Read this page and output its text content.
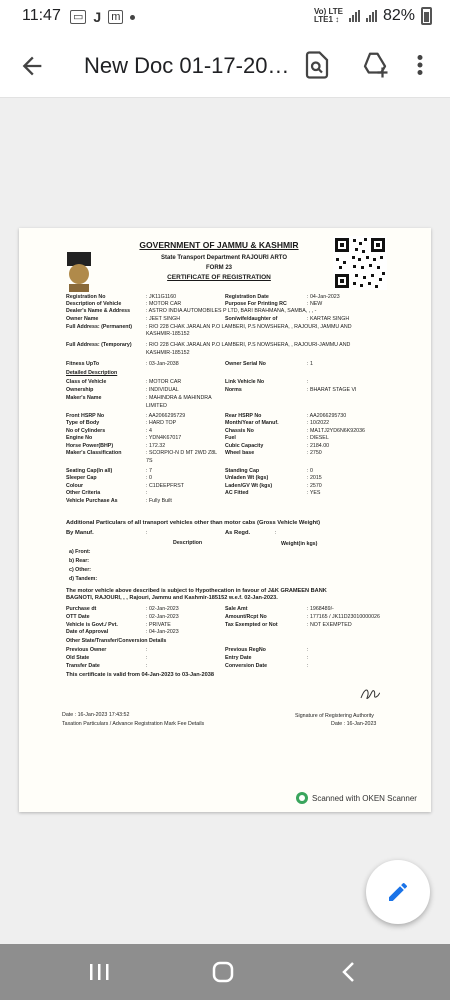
11:47 ▭ J m	Vo) LTE
LTE1 ↕	82%
New Doc 01-17-20…
GOVERNMENT OF JAMMU & KASHMIR
State Transport Department RAJOURI ARTO
FORM 23
CERTIFICATE OF REGISTRATION
Registration No	: JK11G1160	Registration Date	: 04-Jan-2023
Description of Vehicle	: MOTOR CAR	Purpose For Printing RC	: NEW
Dealer's Name & Address	: ASTRO INDIA AUTOMOBILES P LTD, BARI BRAHMANA, SAMBA, , , -
Owner Name	: JEET SINGH	Son/wife/daughter of	: KARTAR SINGH
Full Address: (Permanent)	: R/O 228 CHAK JARALAN P.O LAMBERI, P.S NOWSHERA, , RAJOURI, JAMMU AND
KASHMIR-185152
Full Address: (Temporary)	: R/O 228 CHAK JARALAN P.O LAMBERI, P.S NOWSHERA, , RAJOURI-JAMMU AND
KASHMIR-185152
Fitness UpTo	: 03-Jan-2038	Owner Serial No	: 1
Class of Vehicle	: MOTOR CAR	Link Vehicle No	:
Ownership	: INDIVIDUAL	Norms	: BHARAT STAGE VI
Maker's Name	: MAHINDRA & MAHINDRA
LIMITED
Front HSRP No	: AA2066295729	Rear HSRP No	: AA2066295730
Type of Body	: HARD TOP	Month/Year of Manuf.	: 10/2022
No of Cylinders	: 4	Chassis No	: MA1TJ2YD6N6K92036
Engine No	: YDN4K67017	Fuel	: DIESEL
Horse Power(BHP)	: 172.32	Cubic Capacity	: 2184.00
Maker's Classification	: SCORPIO-N D MT 2WD Z8L Wheel base	: 2750
7S
Seating Cap(In all)	: 7	Standing Cap	: 0
Sleeper Cap	: 0	Unladen Wt (kgs)	: 2015
Colour	: C1DEEPFRST	Laden/GV Wt (kgs)	: 2570
Other Criteria	:	AC Fitted	: YES
Vehicle Purchase As	: Fully Built
Purchase dt	: 02-Jan-2023	Sale Amt	: 1968489/-
OTT Date	: 02-Jan-2023	Amount/Rcpt No	: 177165 / JK11D23010000026
Vehicle is Govt./ Pvt.	: PRIVATE	Tax Exempted or Not	: NOT EXEMPTED
Date of Approval	: 04-Jan-2023
Previous Owner	:	Previous RegNo	:
Old State	:	Entry Date	:
Transfer Date	:	Conversion Date	:
Detailed Description
Additional Particulars of all transport vehicles other than motor cabs (Gross Vehicle Weight)
By Manuf.	:	As Regd.	:
Description	Weight(in kgs)
a) Front:
b) Rear:
c) Other:
d) Tandem:
The motor vehicle above described is subject to Hypothecation in favour of J&K GRAMEEN BANK
BAGNOTI, RAJOURI, , , Rajouri, Jammu and Kashmir-185152 w.e.f. 02-Jan-2023.
Other State/Transfer/Conversion Details
This certificate is valid from 04-Jan-2023 to 03-Jan-2038
Date : 16-Jan-2023 17:43:52
Taxation Particulars / Advance Registration Mark Fee Details
Signature of Registering Authority
Date : 16-Jan-2023
Scanned with OKEN Scanner
